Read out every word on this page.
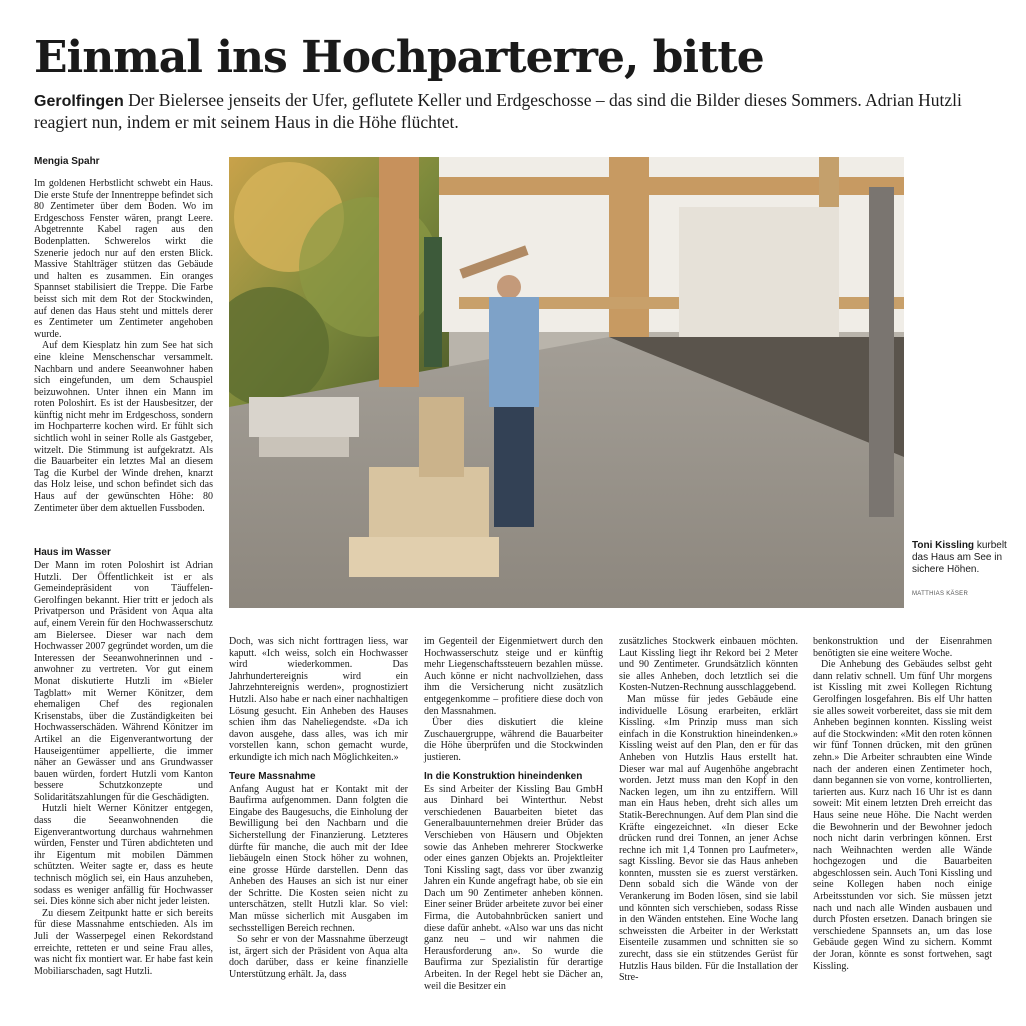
Einmal ins Hochparterre, bitte
Gerolfingen Der Bielersee jenseits der Ufer, geflutete Keller und Erdgeschosse – das sind die Bilder dieses Sommers. Adrian Hutzli reagiert nun, indem er mit seinem Haus in die Höhe flüchtet.
Mengia Spahr
Toni Kissling kurbelt das Haus am See in sichere Höhen.
MATTHIAS KÄSER

Im goldenen Herbstlicht schwebt ein Haus. Die erste Stufe der Innentreppe befindet sich 80 Zentimeter über dem Boden. Wo im Erdgeschoss Fenster wären, prangt Leere. Abgetrennte Kabel ragen aus den Bodenplatten. Schwerelos wirkt die Szenerie jedoch nur auf den ersten Blick. Massive Stahlträger stützen das Gebäude und halten es zusammen. Ein oranges Spannset stabilisiert die Treppe. Die Farbe beisst sich mit dem Rot der Stockwinden, auf denen das Haus steht und mittels derer es Zentimeter um Zentimeter angehoben wurde.

Auf dem Kiesplatz hin zum See hat sich eine kleine Menschenschar versammelt. Nachbarn und andere Seeanwohner haben sich eingefunden, um dem Schauspiel beizuwohnen. Unter ihnen ein Mann im roten Poloshirt. Es ist der Hausbesitzer, der künftig nicht mehr im Erdgeschoss, sondern im Hochparterre kochen wird. Er fühlt sich sichtlich wohl in seiner Rolle als Gastgeber, witzelt. Die Stimmung ist aufgekratzt. Als die Bauarbeiter ein letztes Mal an diesem Tag die Kurbel der Winde drehen, knarzt das Holz leise, und schon befindet sich das Haus auf der gewünschten Höhe: 80 Zentimeter über dem aktuellen Fussboden.

Haus im Wasser

Der Mann im roten Poloshirt ist Adrian Hutzli. Der Öffentlichkeit ist er als Gemeindepräsident von Täuffelen-Gerolfingen bekannt. Hier tritt er jedoch als Privatperson und Präsident von Aqua alta auf, einem Verein für den Hochwasserschutz am Bielersee. Dieser war nach dem Hochwasser 2007 gegründet worden, um die Interessen der Seeanwohnerinnen und -anwohner zu vertreten. Vor gut einem Monat diskutierte Hutzli im «Bieler Tagblatt» mit Werner Könitzer, dem ehemaligen Chef des regionalen Krisenstabs, über die Zuständigkeiten bei Hochwasserschäden. Während Könitzer im Artikel an die Eigenverantwortung der Hauseigentümer appellierte, die immer näher an Gewässer und ans Grundwasser bauen würden, fordert Hutzli vom Kanton bessere Schutzkonzepte und Solidaritätszahlungen für die Geschädigten.

Hutzli hielt Werner Könitzer entgegen, dass die Seeanwohnenden die Eigenverantwortung durchaus wahrnehmen würden, Fenster und Türen abdichteten und ihr Eigentum mit mobilen Dämmen schützten. Weiter sagte er, dass es heute technisch möglich sei, ein Haus anzuheben, sodass es weniger anfällig für Hochwasser sei. Dies könne sich aber nicht jeder leisten.

Zu diesem Zeitpunkt hatte er sich bereits für diese Massnahme entschieden. Als im Juli der Wasserpegel einen Rekordstand erreichte, retteten er und seine Frau alles, was nicht fix montiert war. Er habe fast kein Mobiliarschaden, sagt Hutzli.

Doch, was sich nicht forttragen liess, war kaputt. «Ich weiss, solch ein Hochwasser wird wiederkommen. Das Jahrhundertereignis wird ein Jahrzehntereignis werden», prognostiziert Hutzli. Also habe er nach einer nachhaltigen Lösung gesucht. Ein Anheben des Hauses schien ihm das Naheliegendste. «Da ich davon ausgehe, dass alles, was ich mir vorstellen kann, schon gemacht wurde, erkundigte ich mich nach Möglichkeiten.»

Teure Massnahme

Anfang August hat er Kontakt mit der Baufirma aufgenommen. Dann folgten die Eingabe des Baugesuchs, die Einholung der Bewilligung bei den Nachbarn und die Sicherstellung der Finanzierung. Letzteres dürfte für manche, die auch mit der Idee liebäugeln einen Stock höher zu wohnen, eine grosse Hürde darstellen. Denn das Anheben des Hauses an sich ist nur einer der Schritte. Die Kosten seien nicht zu unterschätzen, stellt Hutzli klar. So viel: Man müsse sicherlich mit Ausgaben im sechsstelligen Bereich rechnen.

So sehr er von der Massnahme überzeugt ist, ärgert sich der Präsident von Aqua alta doch darüber, dass er keine finanzielle Unterstützung erhält. Ja, dass

im Gegenteil der Eigenmietwert durch den Hochwasserschutz steige und er künftig mehr Liegenschaftssteuern bezahlen müsse. Auch könne er nicht nachvollziehen, dass ihm die Versicherung nicht zusätzlich entgegenkomme – profitiere diese doch von den Massnahmen.

Über dies diskutiert die kleine Zuschauergruppe, während die Bauarbeiter die Höhe überprüfen und die Stockwinden justieren.

In die Konstruktion hineindenken

Es sind Arbeiter der Kissling Bau GmbH aus Dinhard bei Winterthur. Nebst verschiedenen Bauarbeiten bietet das Generalbauunternehmen dreier Brüder das Verschieben von Häusern und Objekten sowie das Anheben mehrerer Stockwerke oder eines ganzen Objekts an. Projektleiter Toni Kissling sagt, dass vor über zwanzig Jahren ein Kunde angefragt habe, ob sie ein Dach um 90 Zentimeter anheben können. Einer seiner Brüder arbeitete zuvor bei einer Firma, die Autobahnbrücken saniert und diese dafür anhebt. «Also war uns das nicht ganz neu – und wir nahmen die Herausforderung an». So wurde die Baufirma zur Spezialistin für derartige Arbeiten. In der Regel hebt sie Dächer an, weil die Besitzer ein

zusätzliches Stockwerk einbauen möchten. Laut Kissling liegt ihr Rekord bei 2 Meter und 90 Zentimeter. Grundsätzlich könnten sie alles Anheben, doch letztlich sei die Kosten-Nutzen-Rechnung ausschlaggebend.

Man müsse für jedes Gebäude eine individuelle Lösung erarbeiten, erklärt Kissling. «Im Prinzip muss man sich einfach in die Konstruktion hineindenken.» Kissling weist auf den Plan, den er für das Anheben von Hutzlis Haus erstellt hat. Dieser war mal auf Augenhöhe angebracht worden. Jetzt muss man den Kopf in den Nacken legen, um ihn zu entziffern. Will man ein Haus heben, dreht sich alles um Statik-Berechnungen. Auf dem Plan sind die Kräfte eingezeichnet. «In dieser Ecke drücken rund drei Tonnen, an jener Achse rechne ich mit 1,4 Tonnen pro Laufmeter», sagt Kissling. Bevor sie das Haus anheben konnten, mussten sie es zuerst verstärken. Denn sobald sich die Wände von der Verankerung im Boden lösen, sind sie labil und könnten sich verschieben, sodass Risse in den Wänden entstehen. Eine Woche lang schweissten die Arbeiter in der Werkstatt Eisenteile zusammen und schnitten sie so zurecht, dass sie ein stützendes Gerüst für Hutzlis Haus bilden. Für die Installation der Stre-

benkonstruktion und der Eisenrahmen benötigten sie eine weitere Woche.

Die Anhebung des Gebäudes selbst geht dann relativ schnell. Um fünf Uhr morgens ist Kissling mit zwei Kollegen Richtung Gerolfingen losgefahren. Bis elf Uhr hatten sie alles soweit vorbereitet, dass sie mit dem Anheben beginnen konnten. Kissling weist auf die Stockwinden: «Mit den roten können wir fünf Tonnen drücken, mit den grünen zehn.» Die Arbeiter schraubten eine Winde nach der anderen einen Zentimeter hoch, dann begannen sie von vorne, kontrollierten, tarierten aus. Kurz nach 16 Uhr ist es dann soweit: Mit einem letzten Dreh erreicht das Haus seine neue Höhe. Die Nacht werden die Bewohnerin und der Bewohner jedoch noch nicht darin verbringen können. Erst nach Weihnachten werden alle Wände hochgezogen und die Bauarbeiten abgeschlossen sein. Auch Toni Kissling und seine Kollegen haben noch einige Arbeitsstunden vor sich. Sie müssen jetzt nach und nach alle Winden ausbauen und durch Pfosten ersetzen. Danach bringen sie verschiedene Spannsets an, um das lose Gebäude gegen Wind zu sichern. Kommt der Joran, könnte es sonst fortwehen, sagt Kissling.
